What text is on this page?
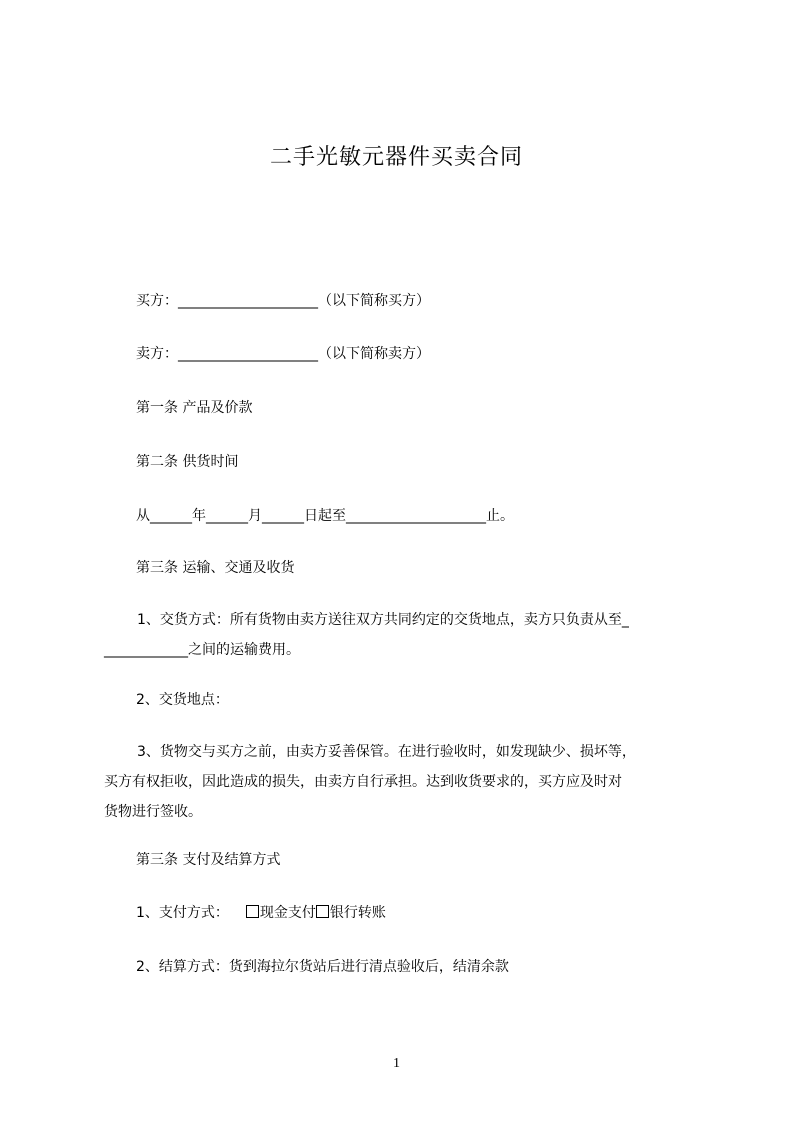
二手光敏元器件买卖合同
买方：____________________（以下简称买方）
卖方：____________________（以下简称卖方）
第一条 产品及价款
第二条 供货时间
从______年______月______日起至____________________止。
第三条 运输、交通及收货
1、交货方式：所有货物由卖方送往双方共同约定的交货地点，卖方只负责从至_
____________之间的运输费用。
2、交货地点：
3、货物交与买方之前，由卖方妥善保管。在进行验收时，如发现缺少、损坏等，
买方有权拒收，因此造成的损失，由卖方自行承担。达到收货要求的，买方应及时对
货物进行签收。
第三条 支付及结算方式
1、支付方式： 现金支付 银行转账
2、结算方式：货到海拉尔货站后进行清点验收后，结清余款
1
